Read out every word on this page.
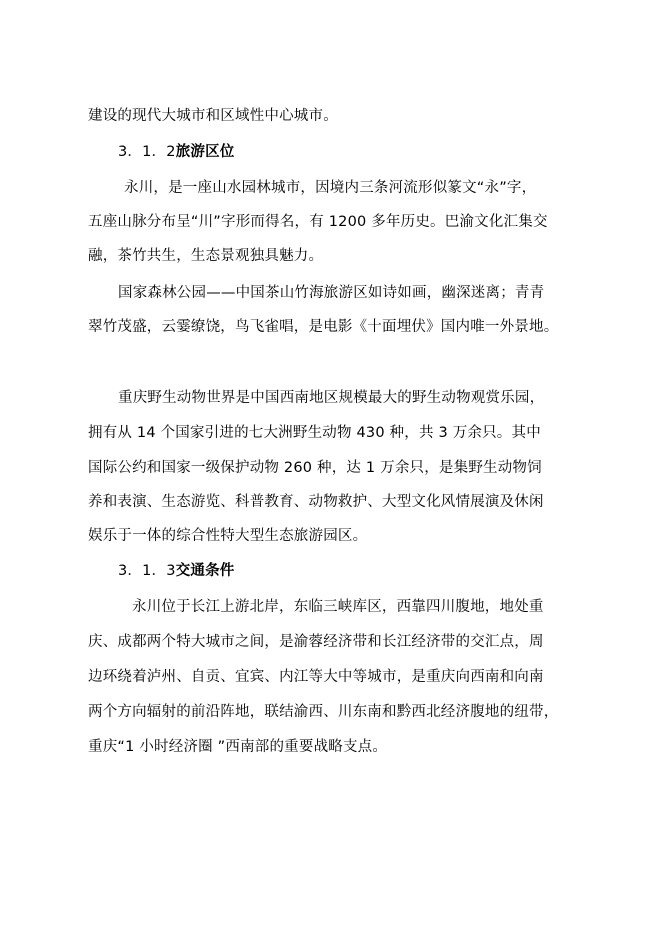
建设的现代大城市和区域性中心城市。
3．1．2旅游区位
永川，是一座山水园林城市，因境内三条河流形似篆文“永”字，
五座山脉分布呈“川”字形而得名，有 1200 多年历史。巴渝文化汇集交
融，茶竹共生，生态景观独具魅力。
国家森林公园——中国茶山竹海旅游区如诗如画，幽深迷离；青青
翠竹茂盛，云霎缭饶，鸟飞雀唱，是电影《十面埋伏》国内唯一外景地。
重庆野生动物世界是中国西南地区规模最大的野生动物观赏乐园，
拥有从 14 个国家引进的七大洲野生动物 430 种，共 3 万余只。其中
国际公约和国家一级保护动物 260 种，达 1 万余只，是集野生动物饲
养和表演、生态游览、科普教育、动物救护、大型文化风情展演及休闲
娱乐于一体的综合性特大型生态旅游园区。
3．1．3交通条件
永川位于长江上游北岸，东临三峡库区，西靠四川腹地，地处重
庆、成都两个特大城市之间，是渝蓉经济带和长江经济带的交汇点，周
边环绕着泸州、自贡、宜宾、内江等大中等城市，是重庆向西南和向南
两个方向辐射的前沿阵地，联结渝西、川东南和黔西北经济腹地的纽带，
重庆“1 小时经济圈 ”西南部的重要战略支点。
